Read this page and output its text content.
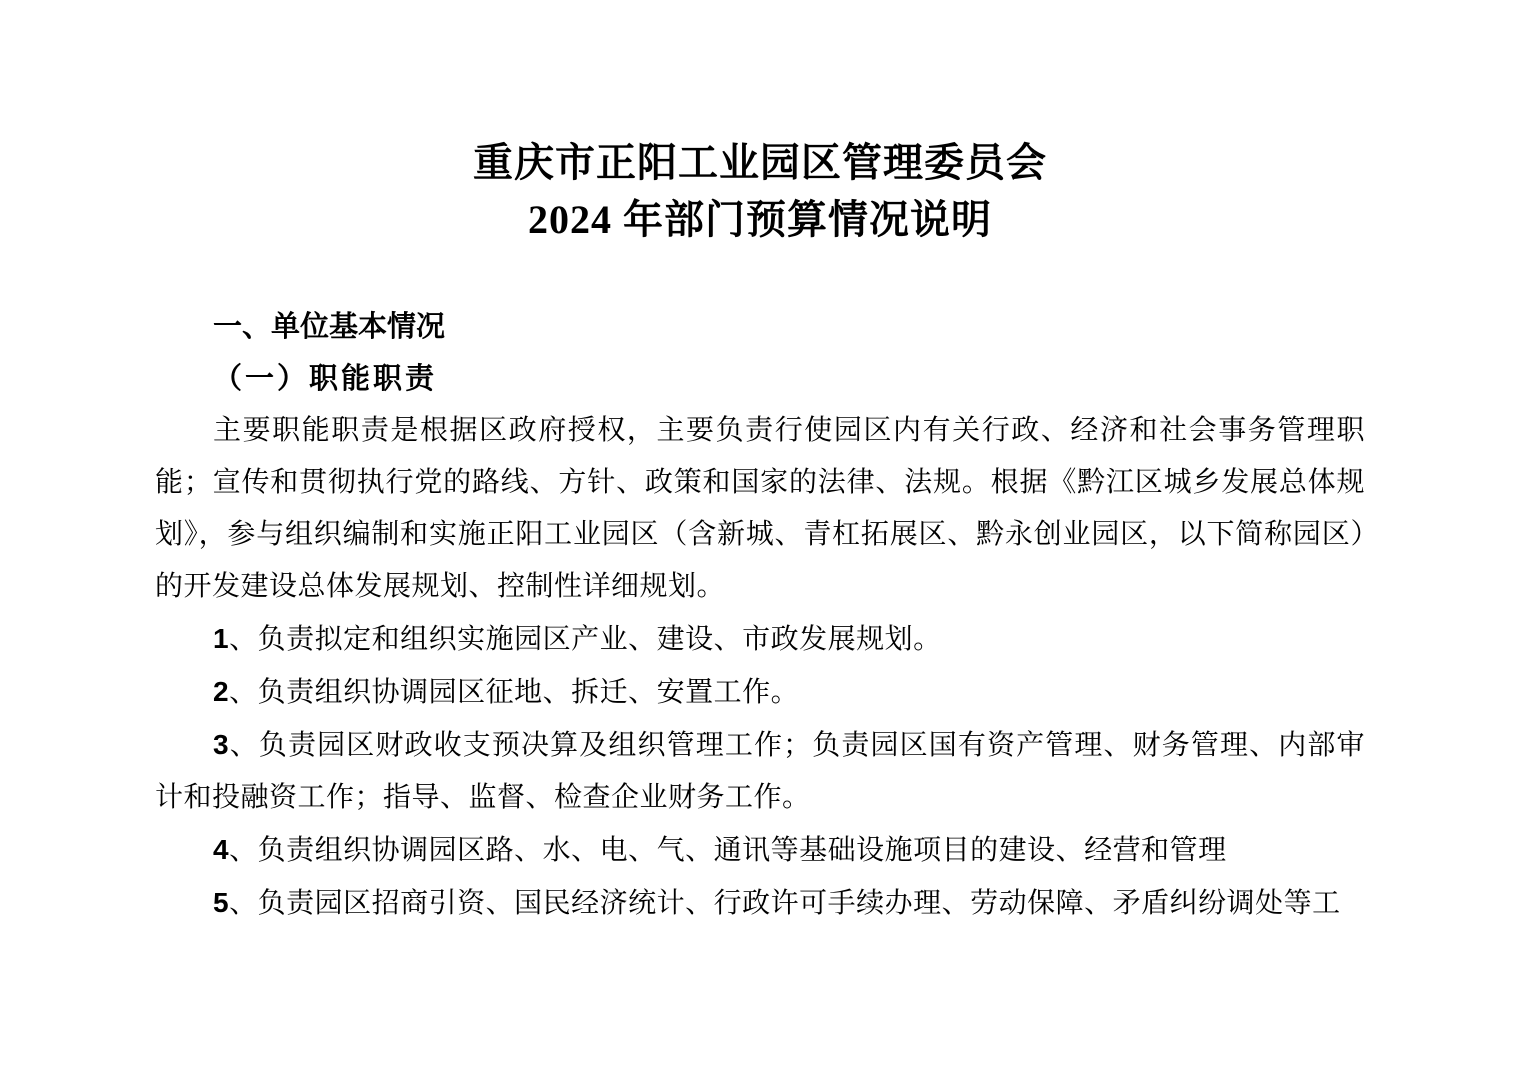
重庆市正阳工业园区管理委员会
2024 年部门预算情况说明

一、单位基本情况

（一）职能职责

主要职能职责是根据区政府授权，主要负责行使园区内有关行政、经济和社会事务管理职能；宣传和贯彻执行党的路线、方针、政策和国家的法律、法规。根据《黔江区城乡发展总体规划》，参与组织编制和实施正阳工业园区（含新城、青杠拓展区、黔永创业园区，以下简称园区）的开发建设总体发展规划、控制性详细规划。

1、负责拟定和组织实施园区产业、建设、市政发展规划。

2、负责组织协调园区征地、拆迁、安置工作。

3、负责园区财政收支预决算及组织管理工作；负责园区国有资产管理、财务管理、内部审计和投融资工作；指导、监督、检查企业财务工作。

4、负责组织协调园区路、水、电、气、通讯等基础设施项目的建设、经营和管理

5、负责园区招商引资、国民经济统计、行政许可手续办理、劳动保障、矛盾纠纷调处等工
